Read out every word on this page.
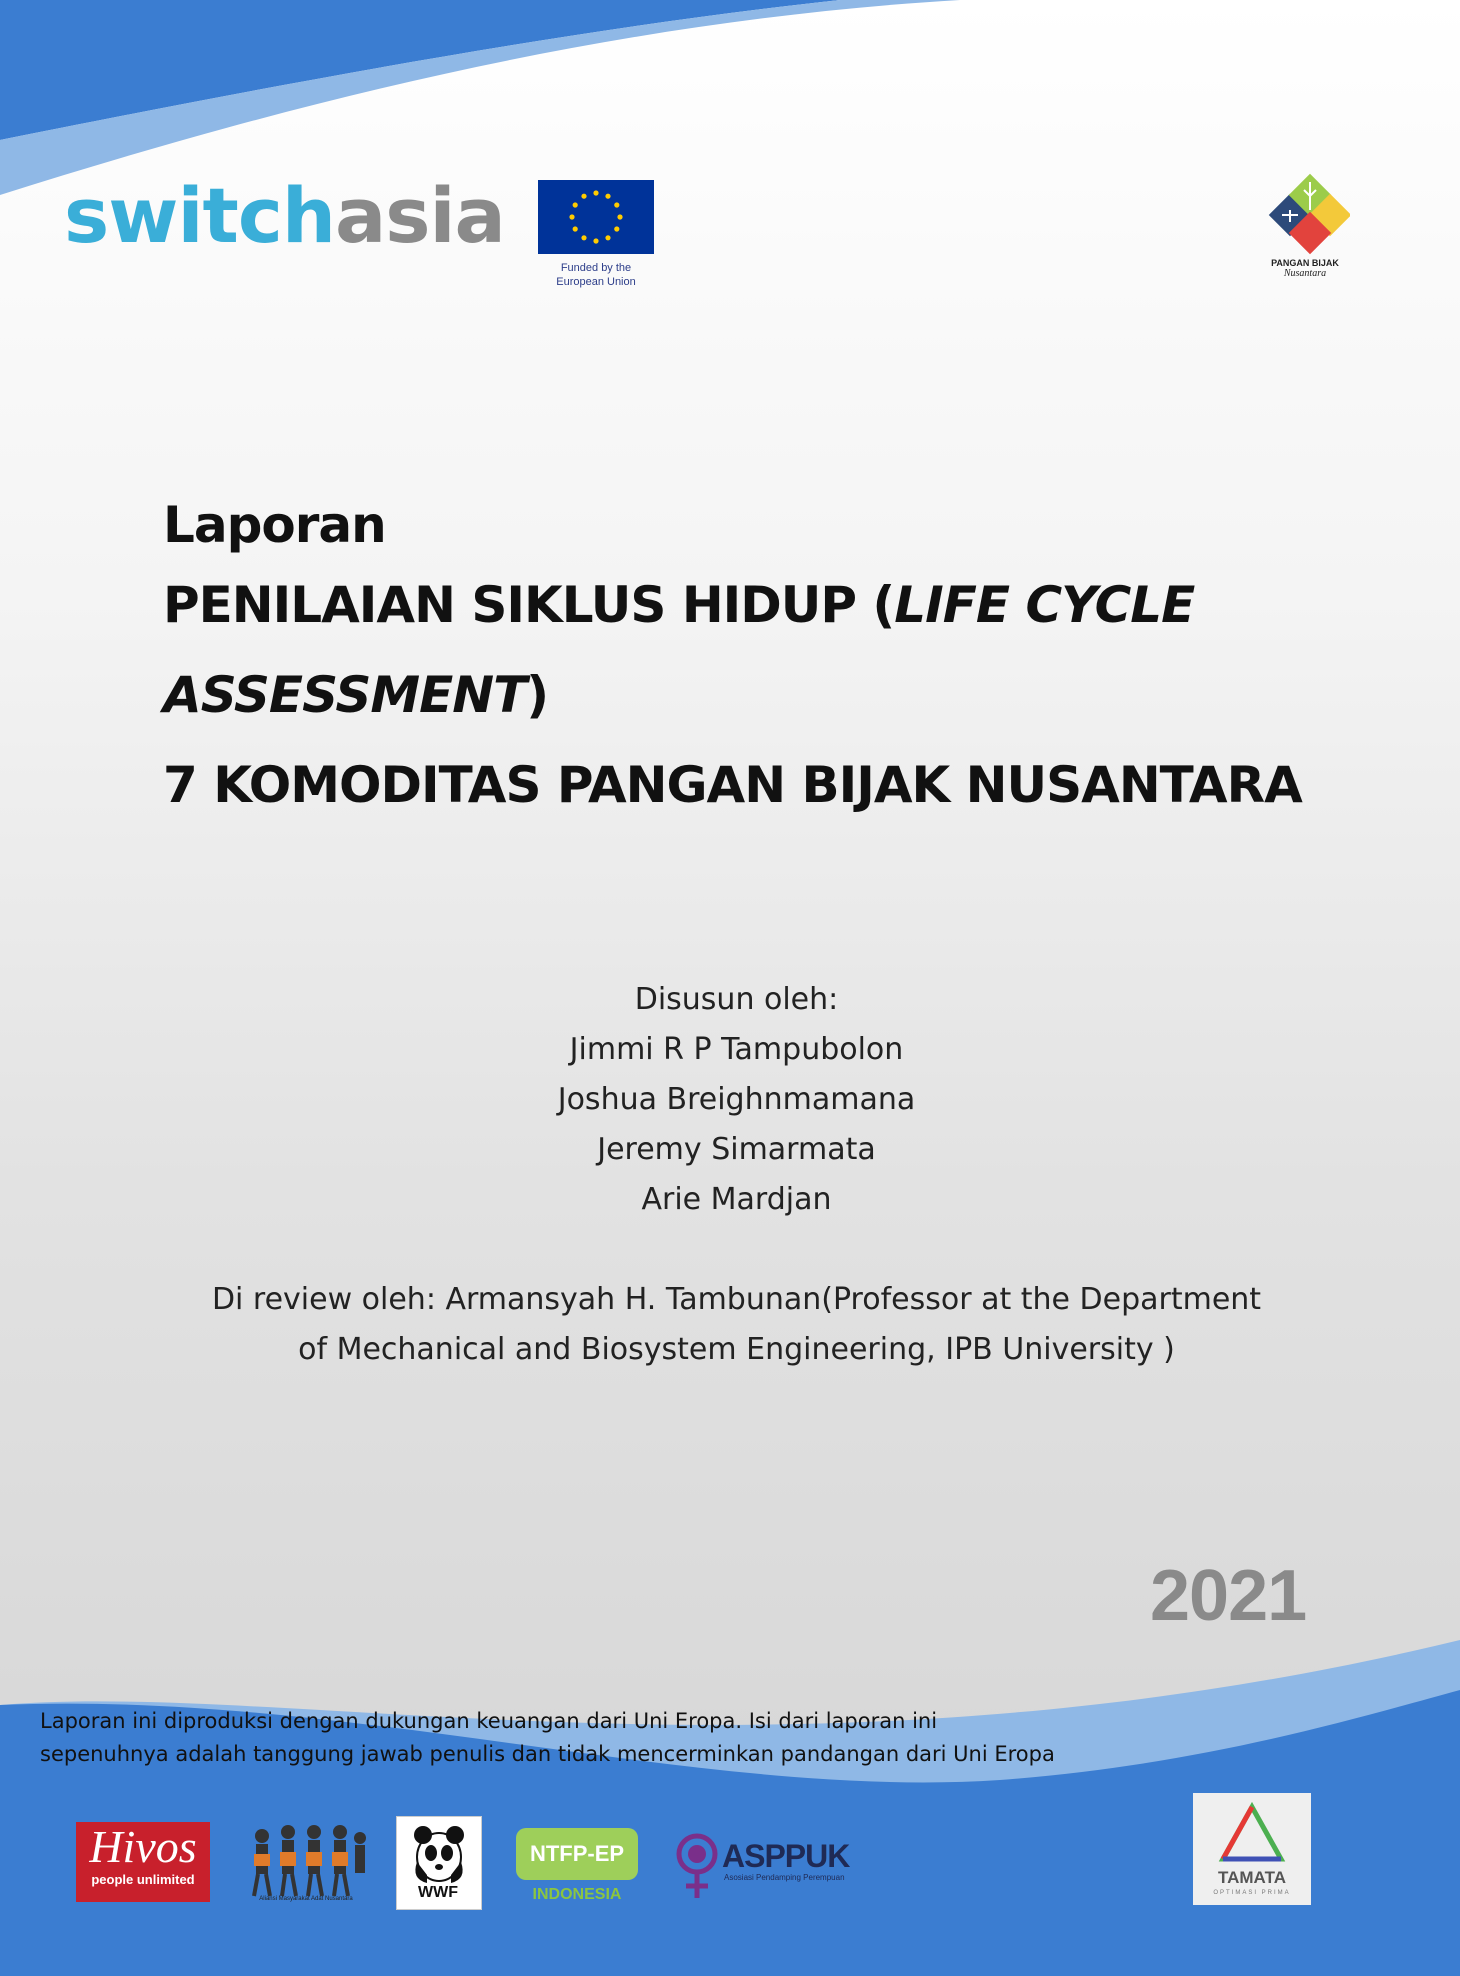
switchasia
Funded by the
European Union
PANGAN BIJAK
Nusantara
Laporan
PENILAIAN SIKLUS HIDUP (LIFE CYCLE
ASSESSMENT)
7 KOMODITAS PANGAN BIJAK NUSANTARA
Disusun oleh:
Jimmi R P Tampubolon
Joshua Breighnmamana
Jeremy Simarmata
Arie Mardjan
Di review oleh: Armansyah H. Tambunan(Professor at the Department
of Mechanical and Biosystem Engineering, IPB University )
2021
Laporan ini diproduksi dengan dukungan keuangan dari Uni Eropa. Isi dari laporan ini
sepenuhnya adalah tanggung jawab penulis dan tidak mencerminkan pandangan dari Uni Eropa
Hivos
people unlimited
Aliansi Masyarakat Adat Nusantara	WWF
NTFP-EP
INDONESIA
ASPPUK
Asosiasi Pendamping Perempuan	TAMATA
OPTIMASI PRIMA
